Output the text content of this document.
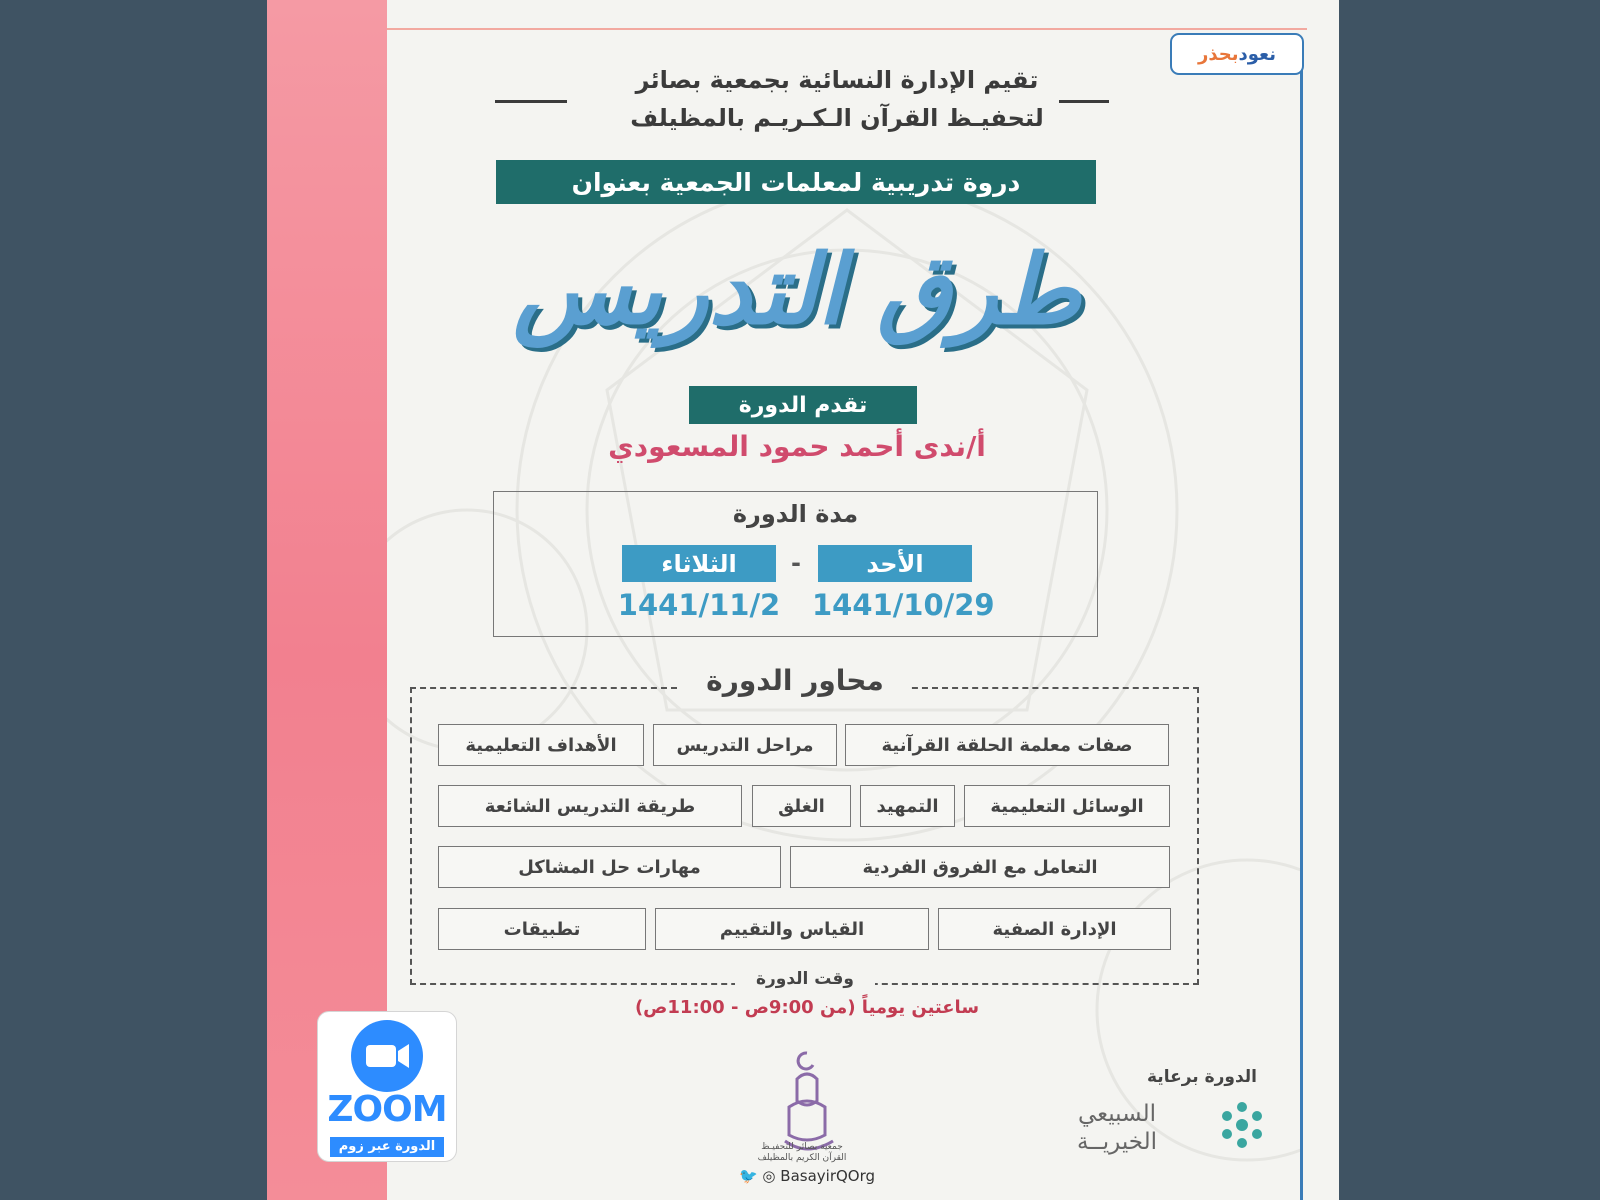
نعود
بحذر
تقيم الإدارة النسائية بجمعية بصائر
لتحفيـظ القرآن الـكـريـم بالمظيلف
دروة تدريبية لمعلمات الجمعية بعنوان
طرق التدريس
تقدم الدورة
أ/ندى أحمد حمود المسعودي
مدة الدورة
الأحد
-
الثلاثاء
1441/10/29
1441/11/2
محاور الدورة
صفات معلمة الحلقة القرآنية
مراحل التدريس
الأهداف التعليمية
الوسائل التعليمية
التمهيد
الغلق
طريقة التدريس الشائعة
التعامل مع الفروق الفردية
مهارات حل المشاكل
الإدارة الصفية
القياس والتقييم
تطبيقات
وقت الدورة
ساعتين يومياً (من 9:00ص - 11:00ص)
جمعية بصائر للتحفيـظ
القرآن الكريم بالمظيلف
🐦 ◎ BasayirQOrg
الدورة برعاية
السبيعي
الخيريــة
ZOOM
الدورة عبر زوم
